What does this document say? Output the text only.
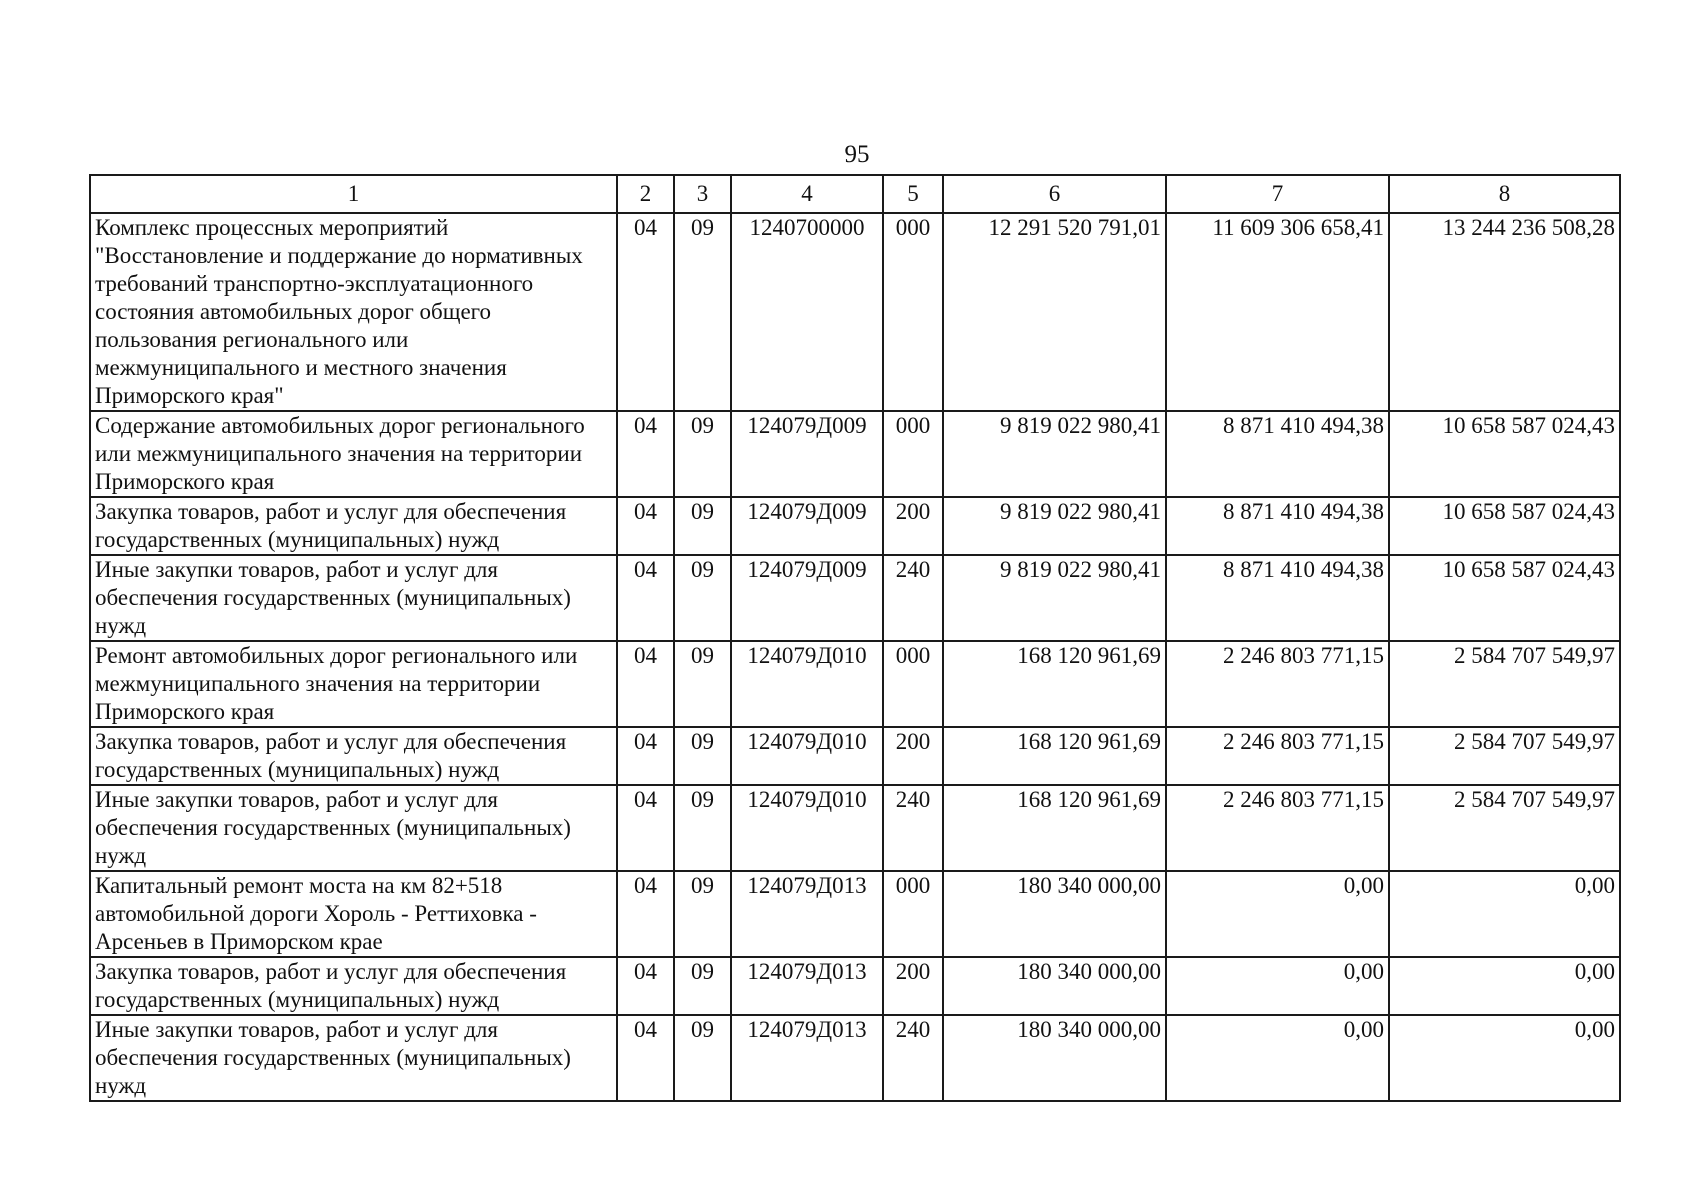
95
1	2	3	4	5	6	7	8
Комплекс процессных мероприятий "Восстановление и поддержание до нормативных требований транспортно-эксплуатационного состояния автомобильных дорог общего пользования регионального или межмуниципального и местного значения Приморского края"	04	09	1240700000	000	12 291 520 791,01	11 609 306 658,41	13 244 236 508,28
Содержание автомобильных дорог регионального или межмуниципального значения на территории Приморского края	04	09	124079Д009	000	9 819 022 980,41	8 871 410 494,38	10 658 587 024,43
Закупка товаров, работ и услуг для обеспечения государственных (муниципальных) нужд	04	09	124079Д009	200	9 819 022 980,41	8 871 410 494,38	10 658 587 024,43
Иные закупки товаров, работ и услуг для обеспечения государственных (муниципальных) нужд	04	09	124079Д009	240	9 819 022 980,41	8 871 410 494,38	10 658 587 024,43
Ремонт автомобильных дорог регионального или межмуниципального значения на территории Приморского края	04	09	124079Д010	000	168 120 961,69	2 246 803 771,15	2 584 707 549,97
Закупка товаров, работ и услуг для обеспечения государственных (муниципальных) нужд	04	09	124079Д010	200	168 120 961,69	2 246 803 771,15	2 584 707 549,97
Иные закупки товаров, работ и услуг для обеспечения государственных (муниципальных) нужд	04	09	124079Д010	240	168 120 961,69	2 246 803 771,15	2 584 707 549,97
Капитальный ремонт моста на км 82+518 автомобильной дороги Хороль - Реттиховка - Арсеньев в Приморском крае	04	09	124079Д013	000	180 340 000,00	0,00	0,00
Закупка товаров, работ и услуг для обеспечения государственных (муниципальных) нужд	04	09	124079Д013	200	180 340 000,00	0,00	0,00
Иные закупки товаров, работ и услуг для обеспечения государственных (муниципальных) нужд	04	09	124079Д013	240	180 340 000,00	0,00	0,00
